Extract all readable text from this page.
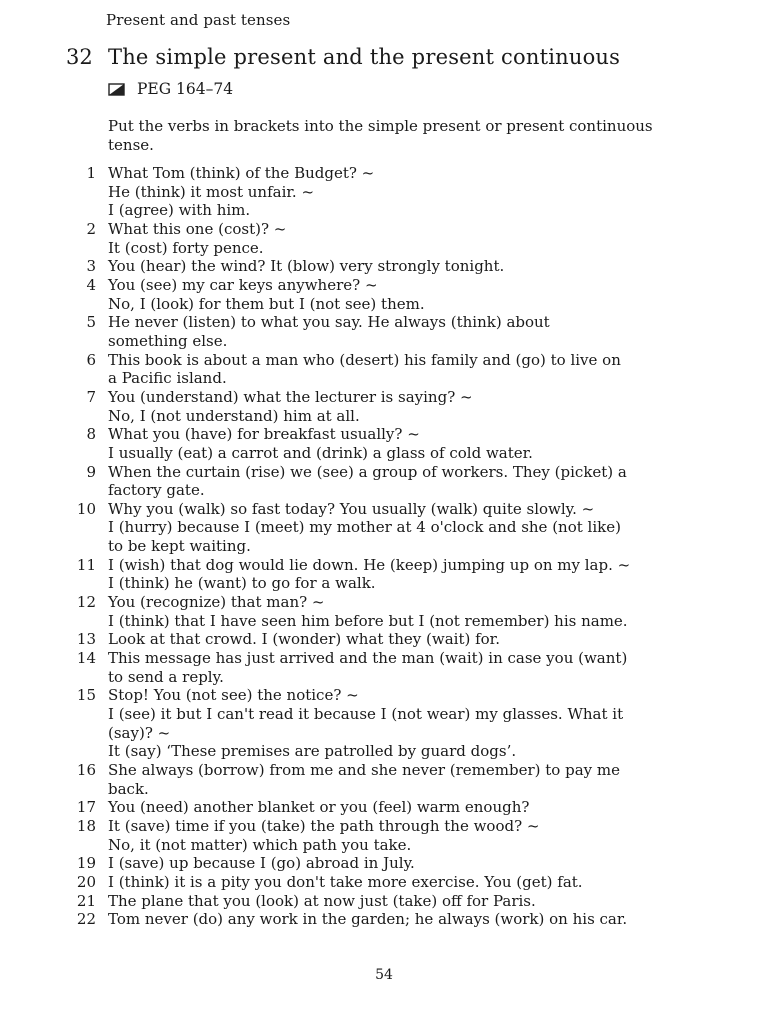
Present and past tenses
32 The simple present and the present continuous
PEG 164–74
Put the verbs in brackets into the simple present or present continuous tense.
1 What Tom (think) of the Budget? ~
He (think) it most unfair. ~
I (agree) with him.
2 What this one (cost)? ~
It (cost) forty pence.
3 You (hear) the wind? It (blow) very strongly tonight.
4 You (see) my car keys anywhere? ~
No, I (look) for them but I (not see) them.
5 He never (listen) to what you say. He always (think) about
something else.
6 This book is about a man who (desert) his family and (go) to live on
a Pacific island.
7 You (understand) what the lecturer is saying? ~
No, I (not understand) him at all.
8 What you (have) for breakfast usually? ~
I usually (eat) a carrot and (drink) a glass of cold water.
9 When the curtain (rise) we (see) a group of workers. They (picket) a
factory gate.
10 Why you (walk) so fast today? You usually (walk) quite slowly. ~
I (hurry) because I (meet) my mother at 4 o'clock and she (not like)
to be kept waiting.
11 I (wish) that dog would lie down. He (keep) jumping up on my lap. ~
I (think) he (want) to go for a walk.
12 You (recognize) that man? ~
I (think) that I have seen him before but I (not remember) his name.
13 Look at that crowd. I (wonder) what they (wait) for.
14 This message has just arrived and the man (wait) in case you (want)
to send a reply.
15 Stop! You (not see) the notice? ~
I (see) it but I can't read it because I (not wear) my glasses. What it
(say)? ~
It (say) ‘These premises are patrolled by guard dogs’.
16 She always (borrow) from me and she never (remember) to pay me
back.
17 You (need) another blanket or you (feel) warm enough?
18 It (save) time if you (take) the path through the wood? ~
No, it (not matter) which path you take.
19 I (save) up because I (go) abroad in July.
20 I (think) it is a pity you don't take more exercise. You (get) fat.
21 The plane that you (look) at now just (take) off for Paris.
22 Tom never (do) any work in the garden; he always (work) on his car.
54
